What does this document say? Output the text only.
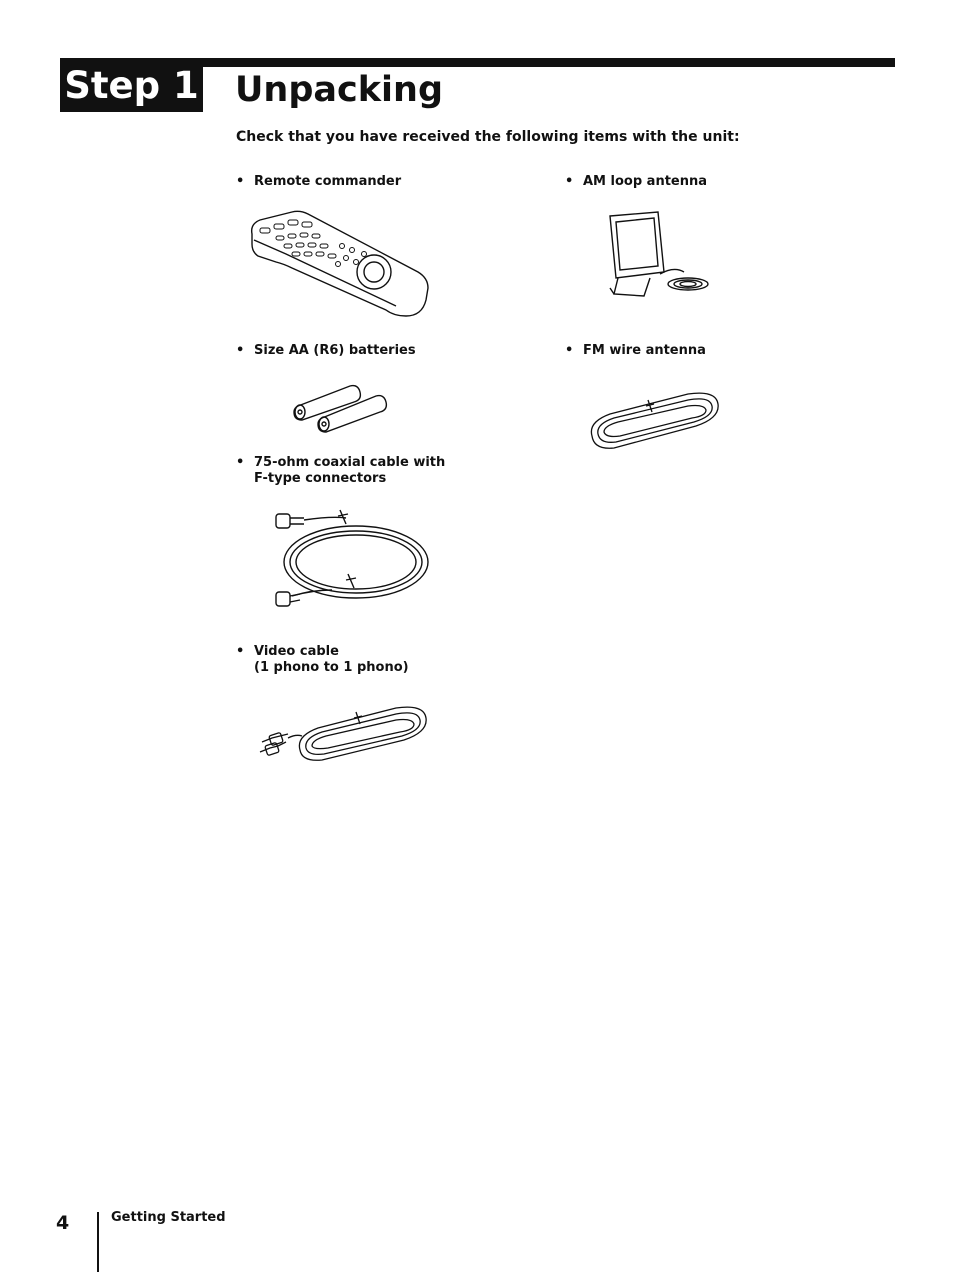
Step 1 Unpacking
Check that you have received the following items with the unit:
• Remote commander	• AM loop antenna
• Size AA (R6) batteries	• FM wire antenna
• 75-ohm coaxial cable with
F-type connectors
• Video cable
(1 phono to 1 phono)
4	Getting Started
